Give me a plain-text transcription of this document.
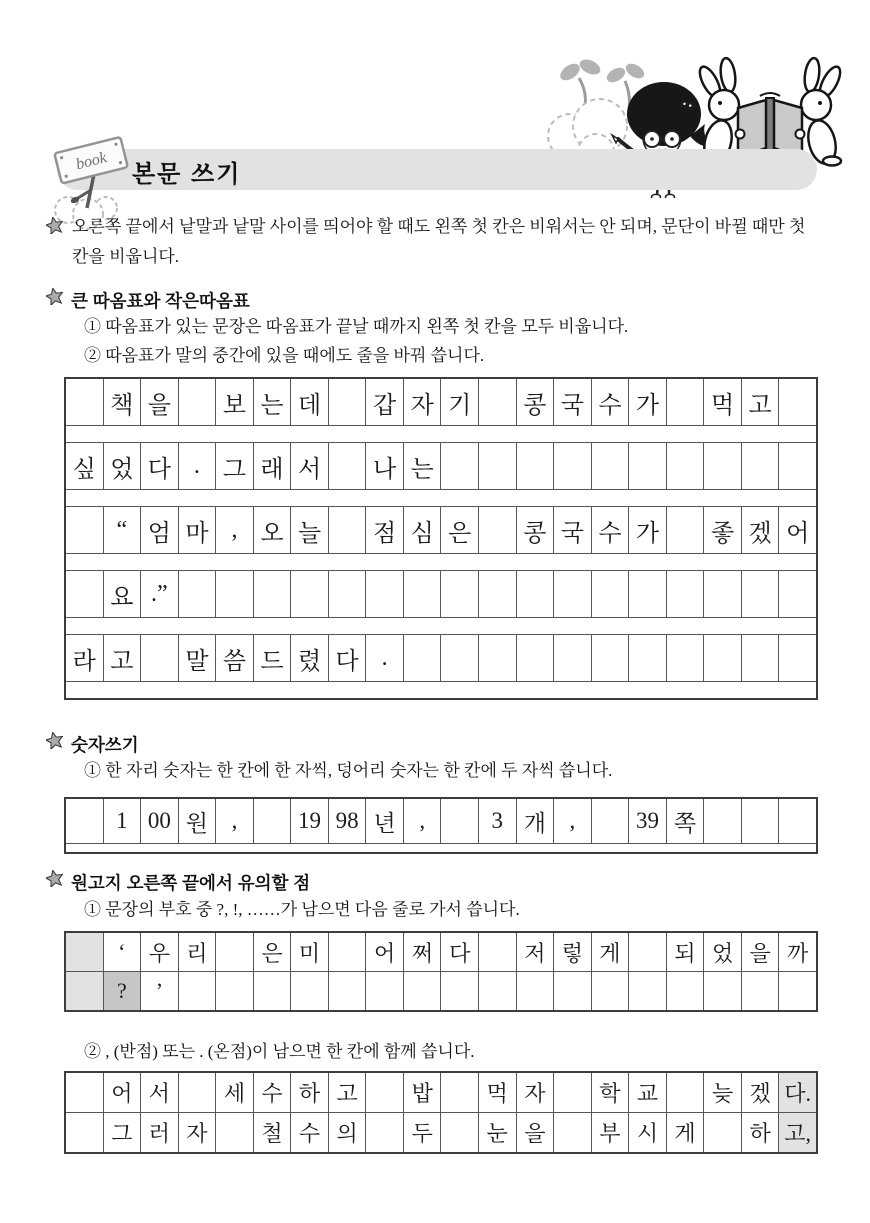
book 본문 쓰기
오른쪽 끝에서 낱말과 낱말 사이를 띄어야 할 때도 왼쪽 첫 칸은 비워서는 안 되며, 문단이 바뀔 때만 첫 칸을 비웁니다.
큰 따옴표와 작은따옴표
① 따옴표가 있는 문장은 따옴표가 끝날 때까지 왼쪽 첫 칸을 모두 비웁니다.
② 따옴표가 말의 중간에 있을 때에도 줄을 바꿔 씁니다.
책 을	보 는 데	갑 자 기	콩 국 수 가	먹 고
싶 었 다 . 그 래 서	나 는
“ 엄 마 , 오 늘	점 심 은	콩 국 수 가	좋 겠 어
요 .”
라 고	말 씀 드 렸 다 .
숫자쓰기
① 한 자리 숫자는 한 칸에 한 자씩, 덩어리 숫자는 한 칸에 두 자씩 씁니다.
1 00 원	,	19 98 년	,	3 개	,	39 쪽
원고지 오른쪽 끝에서 유의할 점
① 문장의 부호 중 ?, !, ……가 남으면 다음 줄로 가서 씁니다.
‘	우 리	은 미	어 쩌 다	저 렇 게	되 었 을 까
?	’
② , (반점) 또는 . (온점)이 남으면 한 칸에 함께 씁니다.
어 서	세 수 하 고	밥	먹 자	학 교	늦 겠 다.
그 러 자	철 수 의	두	눈 을	부 시 게	하 고,
